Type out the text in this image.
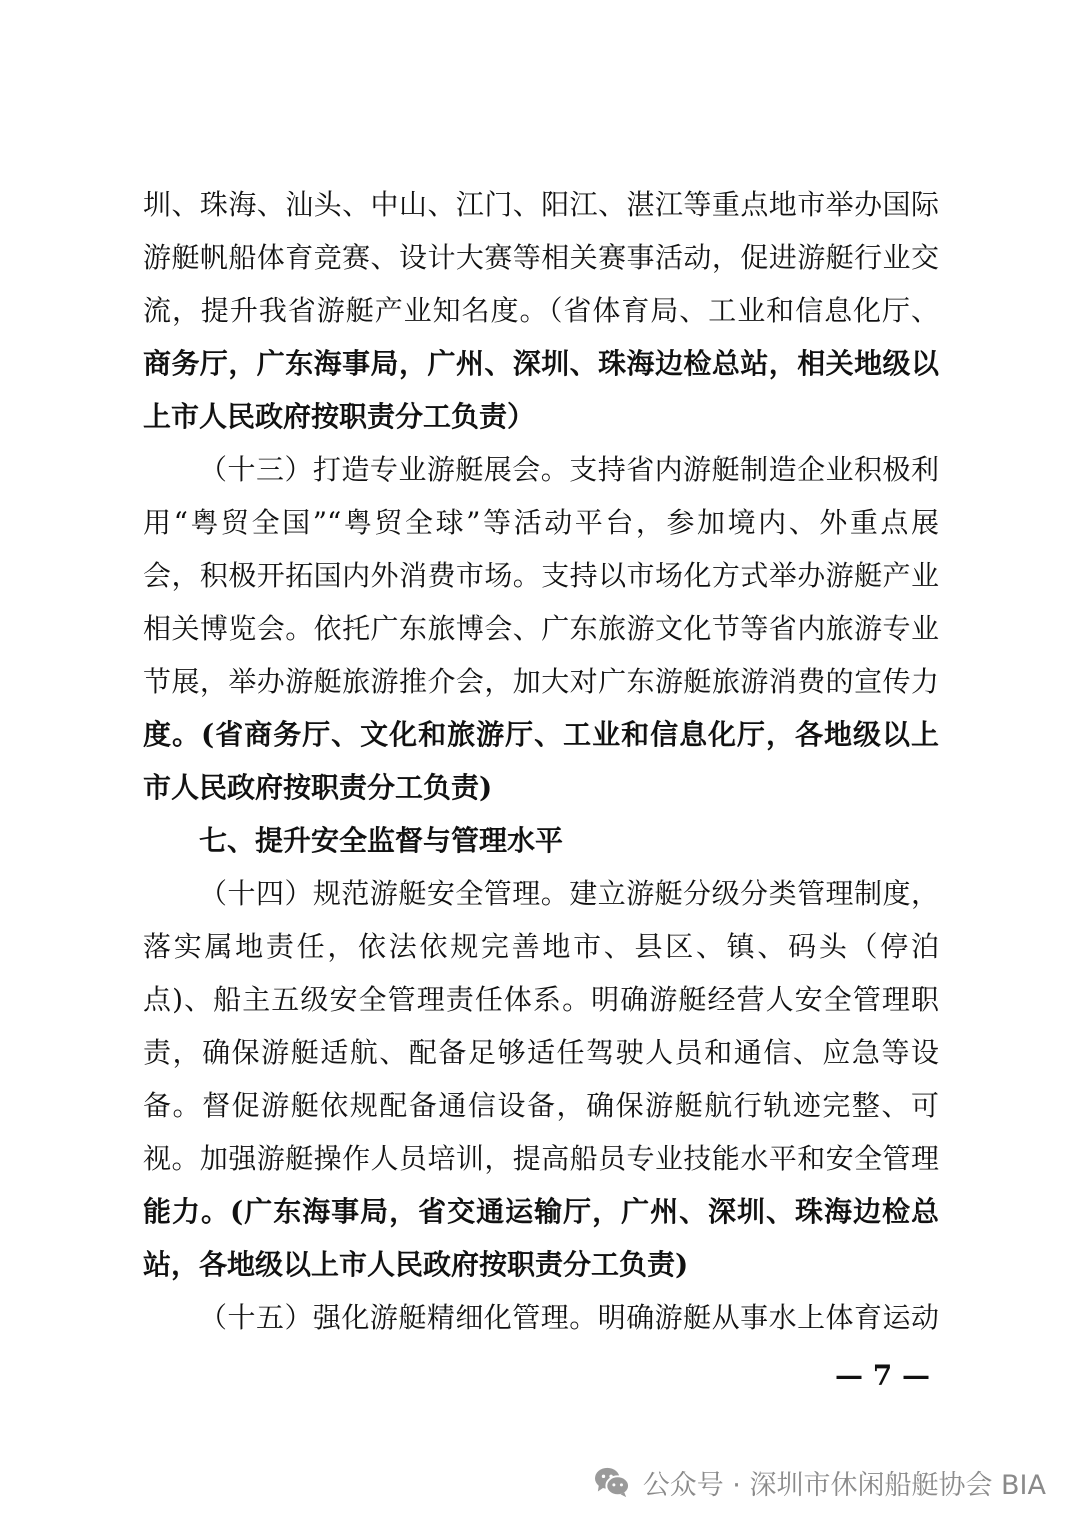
圳、珠海、汕头、中山、江门、阳江、湛江等重点地市举办国际
游艇帆船体育竞赛、设计大赛等相关赛事活动，促进游艇行业交
流，提升我省游艇产业知名度。（省体育局、工业和信息化厅、
商务厅，广东海事局，广州、深圳、珠海边检总站，相关地级以
上市人民政府按职责分工负责）
（十三）打造专业游艇展会。支持省内游艇制造企业积极利
用“粤贸全国”“粤贸全球”等活动平台，参加境内、外重点展
会，积极开拓国内外消费市场。支持以市场化方式举办游艇产业
相关博览会。依托广东旅博会、广东旅游文化节等省内旅游专业
节展，举办游艇旅游推介会，加大对广东游艇旅游消费的宣传力
度。(省商务厅、文化和旅游厅、工业和信息化厅，各地级以上
市人民政府按职责分工负责)
七、提升安全监督与管理水平
（十四）规范游艇安全管理。建立游艇分级分类管理制度，
落实属地责任，依法依规完善地市、县区、镇、码头（停泊
点)、船主五级安全管理责任体系。明确游艇经营人安全管理职
责，确保游艇适航、配备足够适任驾驶人员和通信、应急等设
备。督促游艇依规配备通信设备，确保游艇航行轨迹完整、可
视。加强游艇操作人员培训，提高船员专业技能水平和安全管理
能力。(广东海事局，省交通运输厅，广州、深圳、珠海边检总
站，各地级以上市人民政府按职责分工负责)
（十五）强化游艇精细化管理。明确游艇从事水上体育运动
— 7 —
公众号 · 深圳市休闲船艇协会 BIA
